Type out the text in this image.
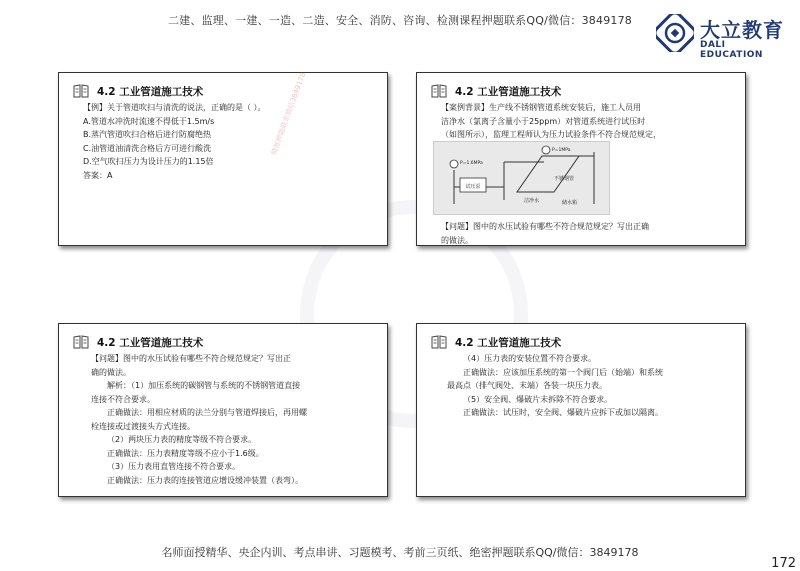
二建、监理、一建、一造、二造、安全、消防、咨询、检测课程押题联系QQ/微信：3849178	大立教育
DALI EDUCATION
4.2 工业管道施工技术

【例】关于管道吹扫与清洗的说法，正确的是（ ）。

A.管道水冲洗时流速不得低于1.5m/s

B.蒸汽管道吹扫合格后进行防腐绝热

C.油管道油清洗合格后方可进行酸洗

D.空气吹扫压力为设计压力的1.15倍

答案：A

精准押题联系微信3849178	4.2 工业管道施工技术

【案例背景】生产线不锈钢管道系统安装后，施工人员用

洁净水（氯离子含量小于25ppm）对管道系统进行试压时

（如图所示），监理工程师认为压力试验条件不符合规范规定，

试压泵
P=1MPa
P=1.6MPa
洁净水	储水箱
不锈钢管

【问题】图中的水压试验有哪些不符合规范规定？写出正确

的做法。

4.2 工业管道施工技术

【问题】图中的水压试验有哪些不符合规范规定？写出正

确的做法。

解析：（1）加压系统的碳钢管与系统的不锈钢管道直接

连接不符合要求。

正确做法：用相应材质的法兰分别与管道焊接后，再用螺

栓连接或过渡接头方式连接。

（2）两块压力表的精度等级不符合要求。

正确做法：压力表精度等级不应小于1.6级。

（3）压力表用直管连接不符合要求。

正确做法：压力表的连接管道应增设缓冲装置（表弯）。

4.2 工业管道施工技术

（4）压力表的安装位置不符合要求。

正确做法：应该加压系统的第一个阀门后（始端）和系统

最高点（排气阀处、末端）各装一块压力表。

（5）安全阀、爆破片未拆除不符合要求。

正确做法：试压时，安全阀、爆破片应拆下或加以隔离。

名师面授精华、央企内训、考点串讲、习题模考、考前三页纸、绝密押题联系QQ/微信：3849178
172
